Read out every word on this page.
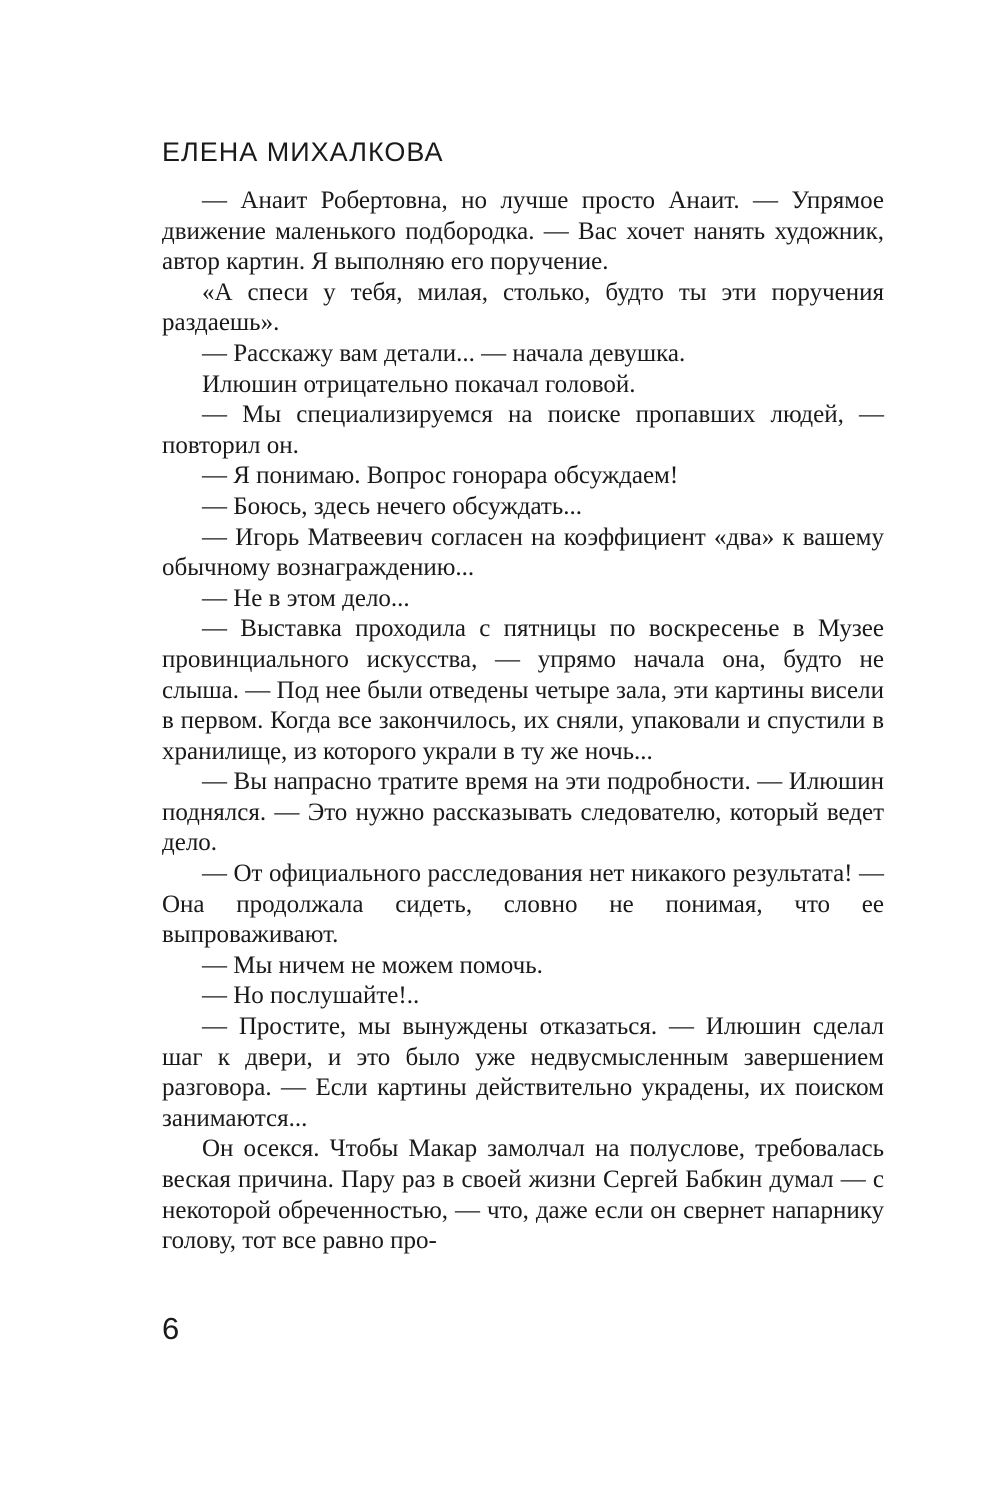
ЕЛЕНА МИХАЛКОВА

— Анаит Робертовна, но лучше просто Анаит. — Упрямое движение маленького подбородка. — Вас хочет нанять художник, автор картин. Я выполняю его поручение.

«А спеси у тебя, милая, столько, будто ты эти поручения раздаешь».

— Расскажу вам детали... — начала девушка.

Илюшин отрицательно покачал головой.

— Мы специализируемся на поиске пропавших людей, — повторил он.

— Я понимаю. Вопрос гонорара обсуждаем!

— Боюсь, здесь нечего обсуждать...

— Игорь Матвеевич согласен на коэффициент «два» к вашему обычному вознаграждению...

— Не в этом дело...

— Выставка проходила с пятницы по воскресенье в Музее провинциального искусства, — упрямо начала она, будто не слыша. — Под нее были отведены четыре зала, эти картины висели в первом. Когда все закончилось, их сняли, упаковали и спустили в хранилище, из которого украли в ту же ночь...

— Вы напрасно тратите время на эти подробности. — Илюшин поднялся. — Это нужно рассказывать следователю, который ведет дело.

— От официального расследования нет никакого результата! — Она продолжала сидеть, словно не понимая, что ее выпроваживают.

— Мы ничем не можем помочь.

— Но послушайте!..

— Простите, мы вынуждены отказаться. — Илюшин сделал шаг к двери, и это было уже недвусмысленным завершением разговора. — Если картины действительно украдены, их поиском занимаются...

Он осекся. Чтобы Макар замолчал на полуслове, требовалась веская причина. Пару раз в своей жизни Сергей Бабкин думал — с некоторой обреченностью, — что, даже если он свернет напарнику голову, тот все равно про-

6
